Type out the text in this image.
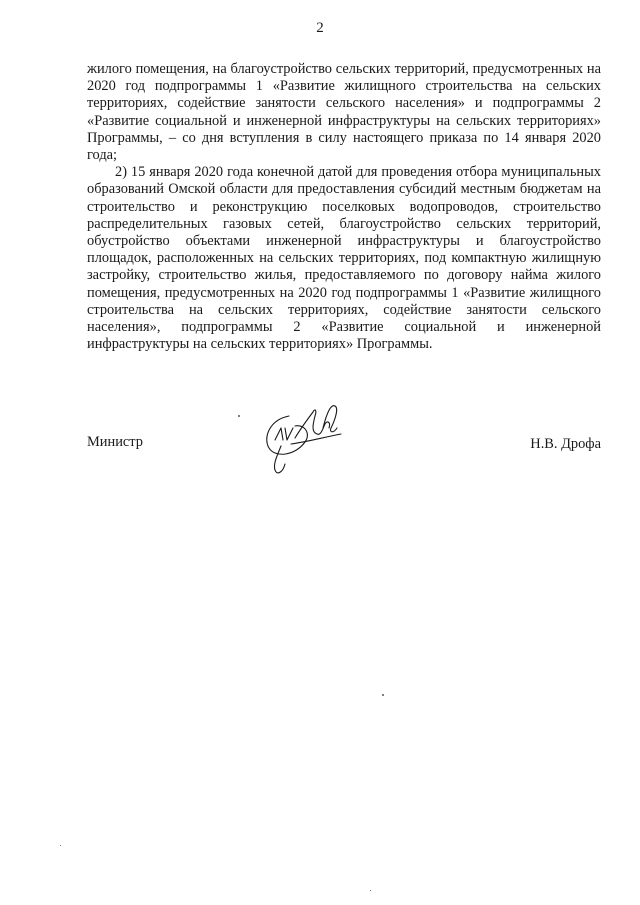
2

жилого помещения, на благоустройство сельских территорий, предусмотренных на 2020 год подпрограммы 1 «Развитие жилищного строительства на сельских территориях, содействие занятости сельского населения» и подпрограммы 2 «Развитие социальной и инженерной инфраструктуры на сельских территориях» Программы, – со дня вступления в силу настоящего приказа по 14 января 2020 года;

2) 15 января 2020 года конечной датой для проведения отбора муниципальных образований Омской области для предоставления субсидий местным бюджетам на строительство и реконструкцию поселковых водопроводов, строительство распределительных газовых сетей, благоустройство сельских территорий, обустройство объектами инженерной инфраструктуры и благоустройство площадок, расположенных на сельских территориях, под компактную жилищную застройку, строительство жилья, предоставляемого по договору найма жилого помещения, предусмотренных на 2020 год подпрограммы 1 «Развитие жилищного строительства на сельских территориях, содействие занятости сельского населения», подпрограммы 2 «Развитие социальной и инженерной инфраструктуры на сельских территориях» Программы.

Министр	Н.В. Дрофа
